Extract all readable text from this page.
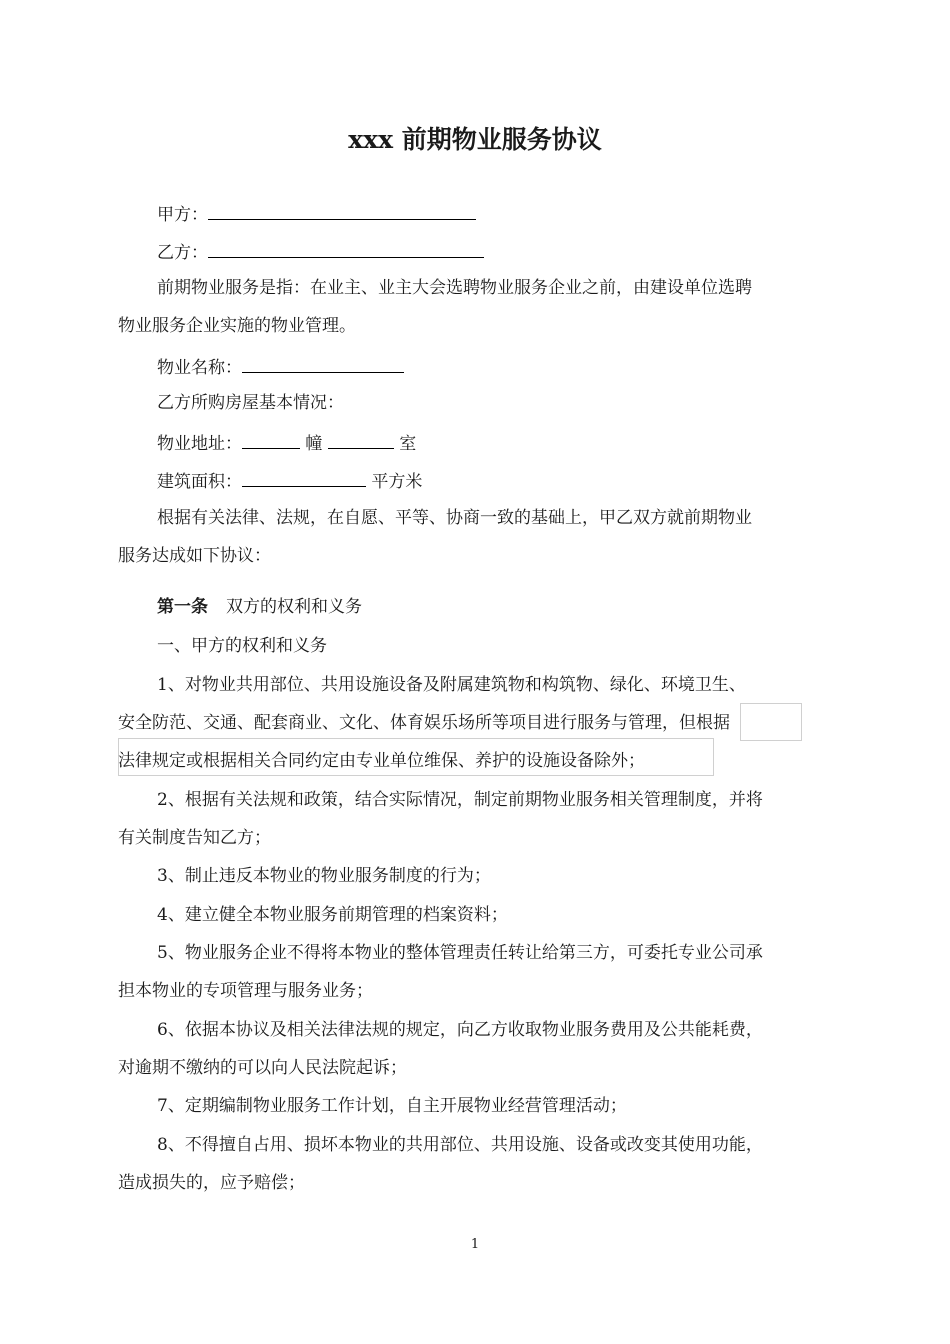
xxx 前期物业服务协议
甲方：
乙方：
前期物业服务是指：在业主、业主大会选聘物业服务企业之前，由建设单位选聘
物业服务企业实施的物业管理。
物业名称：
乙方所购房屋基本情况：
物业地址：	幢	室
建筑面积：	平方米
根据有关法律、法规，在自愿、平等、协商一致的基础上，甲乙双方就前期物业
服务达成如下协议：
第一条 双方的权利和义务
一、甲方的权利和义务
1、对物业共用部位、共用设施设备及附属建筑物和构筑物、绿化、环境卫生、
安全防范、交通、配套商业、文化、体育娱乐场所等项目进行服务与管理，但根据
法律规定或根据相关合同约定由专业单位维保、养护的设施设备除外；
2、根据有关法规和政策，结合实际情况，制定前期物业服务相关管理制度，并将
有关制度告知乙方；
3、制止违反本物业的物业服务制度的行为；
4、建立健全本物业服务前期管理的档案资料；
5、物业服务企业不得将本物业的整体管理责任转让给第三方，可委托专业公司承
担本物业的专项管理与服务业务；
6、依据本协议及相关法律法规的规定，向乙方收取物业服务费用及公共能耗费，
对逾期不缴纳的可以向人民法院起诉；
7、定期编制物业服务工作计划，自主开展物业经营管理活动；
8、不得擅自占用、损坏本物业的共用部位、共用设施、设备或改变其使用功能，
造成损失的，应予赔偿；
1
